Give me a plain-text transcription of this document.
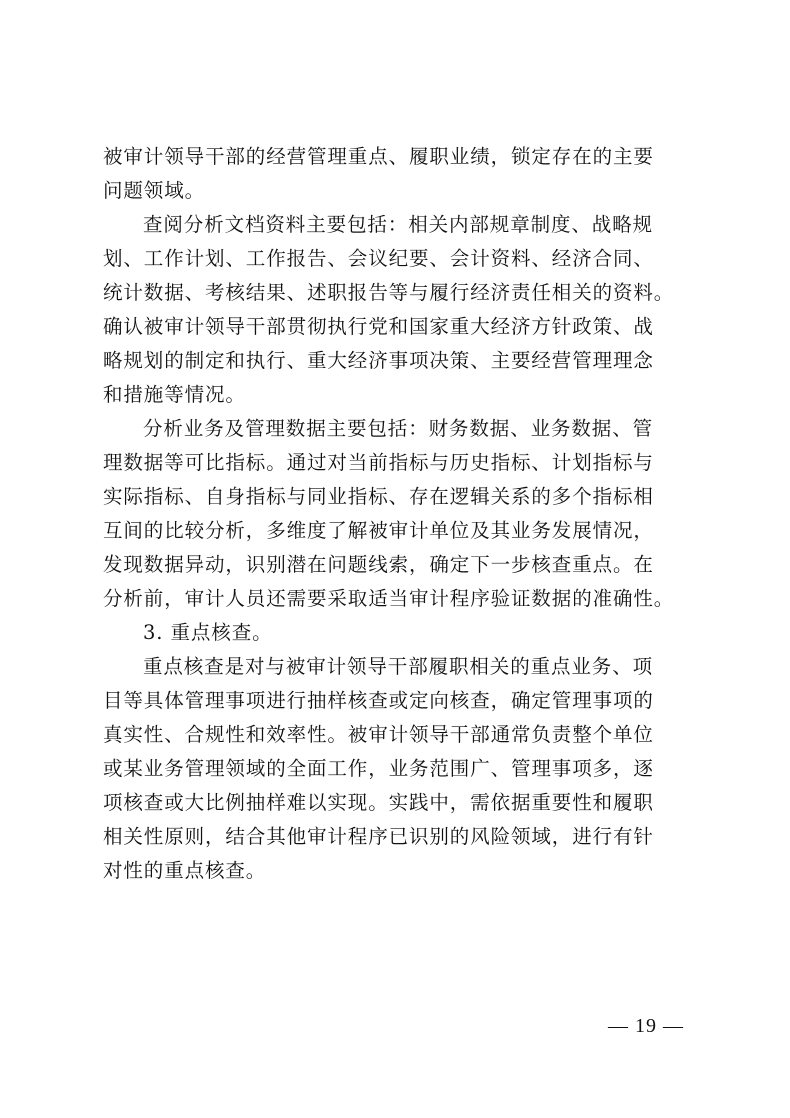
被审计领导干部的经营管理重点、履职业绩，锁定存在的主要
问题领域。

查阅分析文档资料主要包括：相关内部规章制度、战略规
划、工作计划、工作报告、会议纪要、会计资料、经济合同、
统计数据、考核结果、述职报告等与履行经济责任相关的资料。
确认被审计领导干部贯彻执行党和国家重大经济方针政策、战
略规划的制定和执行、重大经济事项决策、主要经营管理理念
和措施等情况。

分析业务及管理数据主要包括：财务数据、业务数据、管
理数据等可比指标。通过对当前指标与历史指标、计划指标与
实际指标、自身指标与同业指标、存在逻辑关系的多个指标相
互间的比较分析，多维度了解被审计单位及其业务发展情况，
发现数据异动，识别潜在问题线索，确定下一步核查重点。在
分析前，审计人员还需要采取适当审计程序验证数据的准确性。

3. 重点核查。

重点核查是对与被审计领导干部履职相关的重点业务、项
目等具体管理事项进行抽样核查或定向核查，确定管理事项的
真实性、合规性和效率性。被审计领导干部通常负责整个单位
或某业务管理领域的全面工作，业务范围广、管理事项多，逐
项核查或大比例抽样难以实现。实践中，需依据重要性和履职
相关性原则，结合其他审计程序已识别的风险领域，进行有针
对性的重点核查。

— 19 —
